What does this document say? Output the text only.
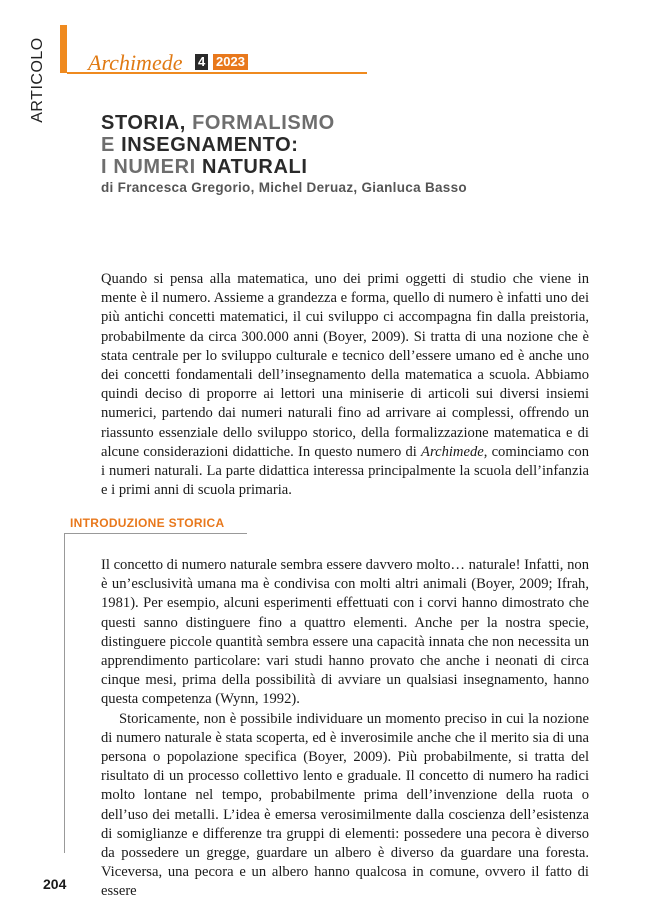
ARTICOLO Archimede 4 2023
STORIA, FORMALISMO
E INSEGNAMENTO:
I NUMERI NATURALI
di Francesca Gregorio, Michel Deruaz, Gianluca Basso
Quando si pensa alla matematica, uno dei primi oggetti di studio che viene in mente è il numero. Assieme a grandezza e forma, quello di numero è infatti uno dei più antichi concetti matematici, il cui sviluppo ci accompagna fin dalla preistoria, probabilmente da circa 300.000 anni (Boyer, 2009). Si tratta di una nozione che è stata centrale per lo sviluppo culturale e tecnico dell’essere umano ed è anche uno dei concetti fondamentali dell’insegnamento della matematica a scuola. Abbiamo quindi deciso di proporre ai lettori una miniserie di articoli sui diversi insiemi numerici, partendo dai numeri naturali fino ad arrivare ai complessi, offrendo un riassunto essenziale dello sviluppo storico, della formalizzazione matematica e di alcune considerazioni didattiche. In questo numero di Archimede, cominciamo con i numeri naturali. La parte didattica interessa principalmente la scuola dell’infanzia e i primi anni di scuola primaria.
INTRODUZIONE STORICA

Il concetto di numero naturale sembra essere davvero molto… naturale! Infatti, non è un’esclusività umana ma è condivisa con molti altri animali (Boyer, 2009; Ifrah, 1981). Per esempio, alcuni esperimenti effettuati con i corvi hanno dimostrato che questi sanno distinguere fino a quattro elementi. Anche per la nostra specie, distinguere piccole quantità sembra essere una capacità innata che non necessita un apprendimento particolare: vari studi hanno provato che anche i neonati di circa cinque mesi, prima della possibilità di avviare un qualsiasi insegnamento, hanno questa competenza (Wynn, 1992).

Storicamente, non è possibile individuare un momento preciso in cui la nozione di numero naturale è stata scoperta, ed è inverosimile anche che il merito sia di una persona o popolazione specifica (Boyer, 2009). Più probabilmente, si tratta del risultato di un processo collettivo lento e graduale. Il concetto di numero ha radici molto lontane nel tempo, probabilmente prima dell’invenzione della ruota o dell’uso dei metalli. L’idea è emersa verosimilmente dalla coscienza dell’esistenza di somiglianze e differenze tra gruppi di elementi: possedere una pecora è diverso da possedere un gregge, guardare un albero è diverso da guardare una foresta. Viceversa, una pecora e un albero hanno qualcosa in comune, ovvero il fatto di essere

204
